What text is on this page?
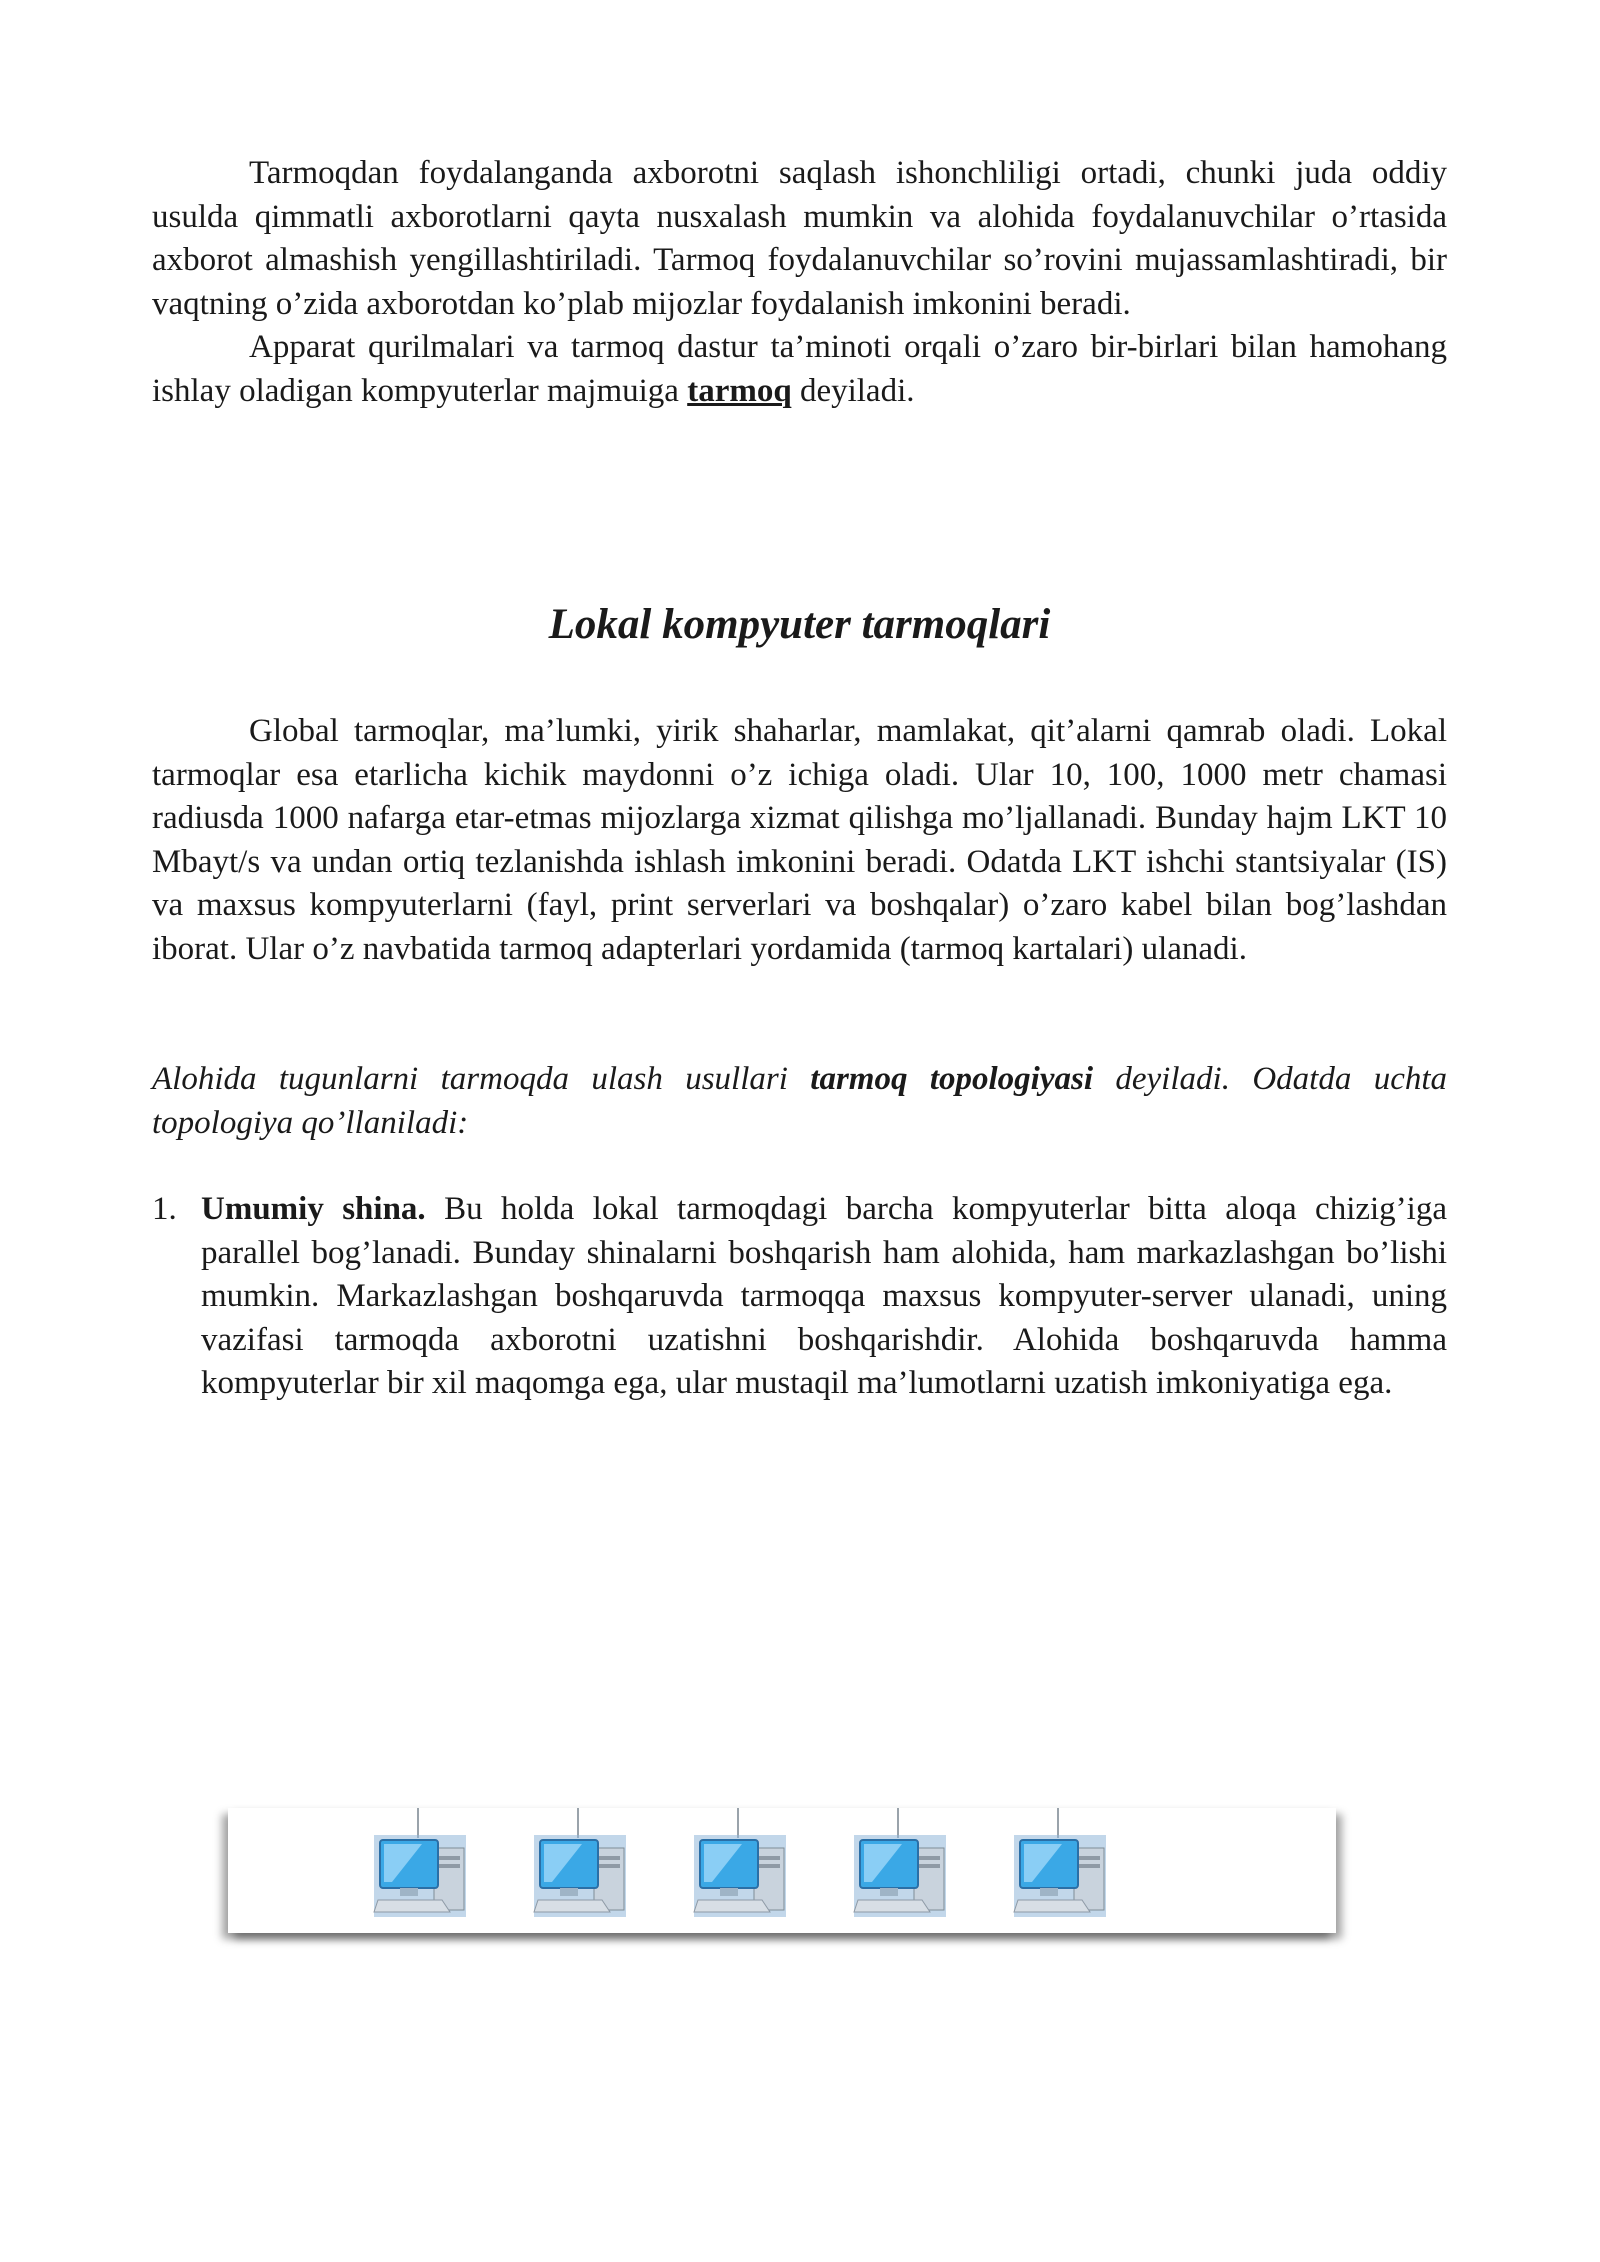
Tarmoqdan foydalanganda axborotni saqlash ishonchliligi ortadi, chunki juda oddiy usulda qimmatli axborotlarni qayta nusxalash mumkin va alohida foydalanuvchilar o’rtasida axborot almashish yengillashtiriladi. Tarmoq foydalanuvchilar so’rovini mujassamlashtiradi, bir vaqtning o’zida axborotdan ko’plab mijozlar foydalanish imkonini beradi.

Apparat qurilmalari va tarmoq dastur ta’minoti orqali o’zaro bir-birlari bilan hamohang ishlay oladigan kompyuterlar majmuiga tarmoq deyiladi.

Lokal kompyuter tarmoqlari

Global tarmoqlar, ma’lumki, yirik shaharlar, mamlakat, qit’alarni qamrab oladi. Lokal tarmoqlar esa etarlicha kichik maydonni o’z ichiga oladi. Ular 10, 100, 1000 metr chamasi radiusda 1000 nafarga etar-etmas mijozlarga xizmat qilishga mo’ljallanadi. Bunday hajm LKT 10 Mbayt/s va undan ortiq tezlanishda ishlash imkonini beradi. Odatda LKT ishchi stantsiyalar (IS) va maxsus kompyuterlarni (fayl, print serverlari va boshqalar) o’zaro kabel bilan bog’lashdan iborat. Ular o’z navbatida tarmoq adapterlari yordamida (tarmoq kartalari) ulanadi.

Alohida tugunlarni tarmoqda ulash usullari tarmoq topologiyasi deyiladi. Odatda uchta topologiya qo’llaniladi:

1. Umumiy shina. Bu holda lokal tarmoqdagi barcha kompyuterlar bitta aloqa chizig’iga parallel bog’lanadi. Bunday shinalarni boshqarish ham alohida, ham markazlashgan bo’lishi mumkin. Markazlashgan boshqaruvda tarmoqqa maxsus kompyuter-server ulanadi, uning vazifasi tarmoqda axborotni uzatishni boshqarishdir. Alohida boshqaruvda hamma kompyuterlar bir xil maqomga ega, ular mustaqil ma’lumotlarni uzatish imkoniyatiga ega.
